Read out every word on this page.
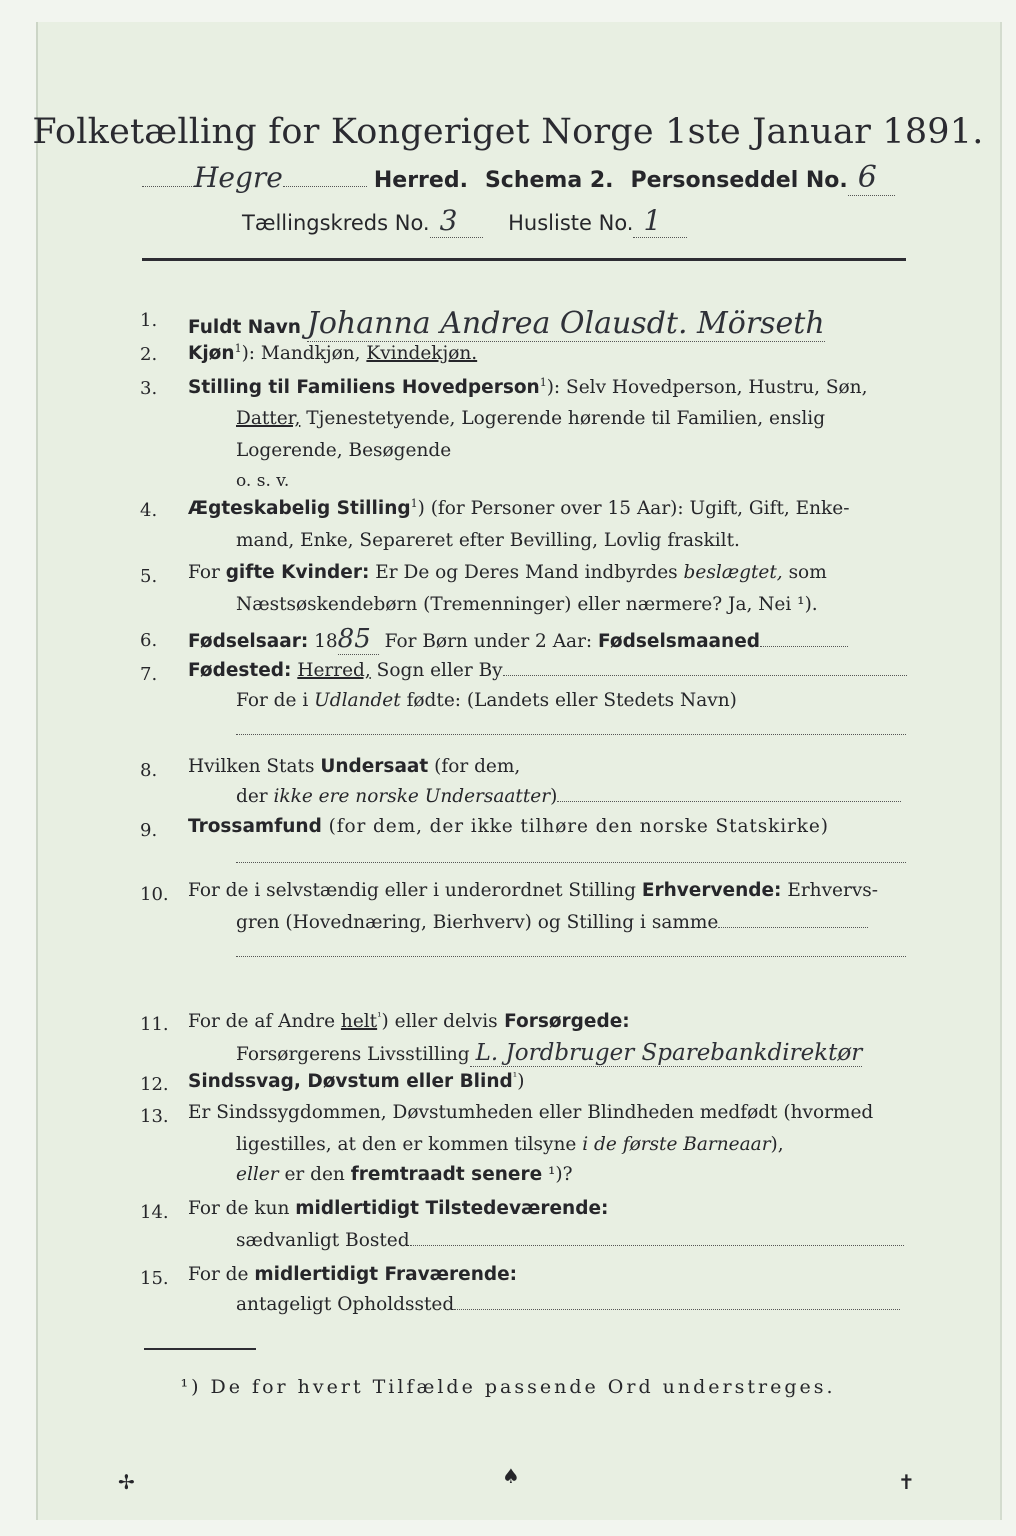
Folketælling for Kongeriget Norge 1ste Januar 1891.
Hegre	Herred. Schema 2. Personseddel No. 6
Tællingskreds No. 3 Husliste No. 1
1.	Fuldt Navn Johanna Andrea Olausdt. Mörseth
2.	Kjøn$^1$): Mandkjøn, Kvindekjøn.
3.	Stilling til Familiens Hovedperson$^1$): Selv Hovedperson, Hustru, Søn,
Datter, Tjenestetyende, Logerende hørende til Familien, enslig
Logerende, Besøgende
o. s. v.
4.	Ægteskabelig Stilling$^1$) (for Personer over 15 Aar): Ugift, Gift, Enke-
mand, Enke, Separeret efter Bevilling, Lovlig fraskilt.
5.	For gifte Kvinder: Er De og Deres Mand indbyrdes beslægtet, som
Næstsøskendebørn (Tremenninger) eller nærmere? Ja, Nei ¹).
6.	Fødselsaar: 1885 For Børn under 2 Aar: Fødselsmaaned
7.	Fødested: Herred, Sogn eller By
For de i Udlandet fødte: (Landets eller Stedets Navn)
8.	Hvilken Stats Undersaat (for dem,
der ikke ere norske Undersaatter)
9.	Trossamfund (for dem, der ikke tilhøre den norske Statskirke)
10. For de i selvstændig eller i underordnet Stilling Erhvervende: Erhvervs-
gren (Hovednæring, Bierhverv) og Stilling i samme
11. For de af Andre helt$^{^1}$) eller delvis Forsørgede:
Forsørgerens Livsstilling L. Jordbruger Sparebankdirektør
12. Sindssvag, Døvstum eller Blind$^{^1}$)
13. Er Sindssygdommen, Døvstumheden eller Blindheden medfødt (hvormed
ligestilles, at den er kommen tilsyne i de første Barneaar),
eller er den fremtraadt senere ¹)?
14. For de kun midlertidigt Tilstedeværende:
sædvanligt Bosted
15. For de midlertidigt Fraværende:
antageligt Opholdssted
¹) De for hvert Tilfælde passende Ord understreges.
✢	♠	✝
